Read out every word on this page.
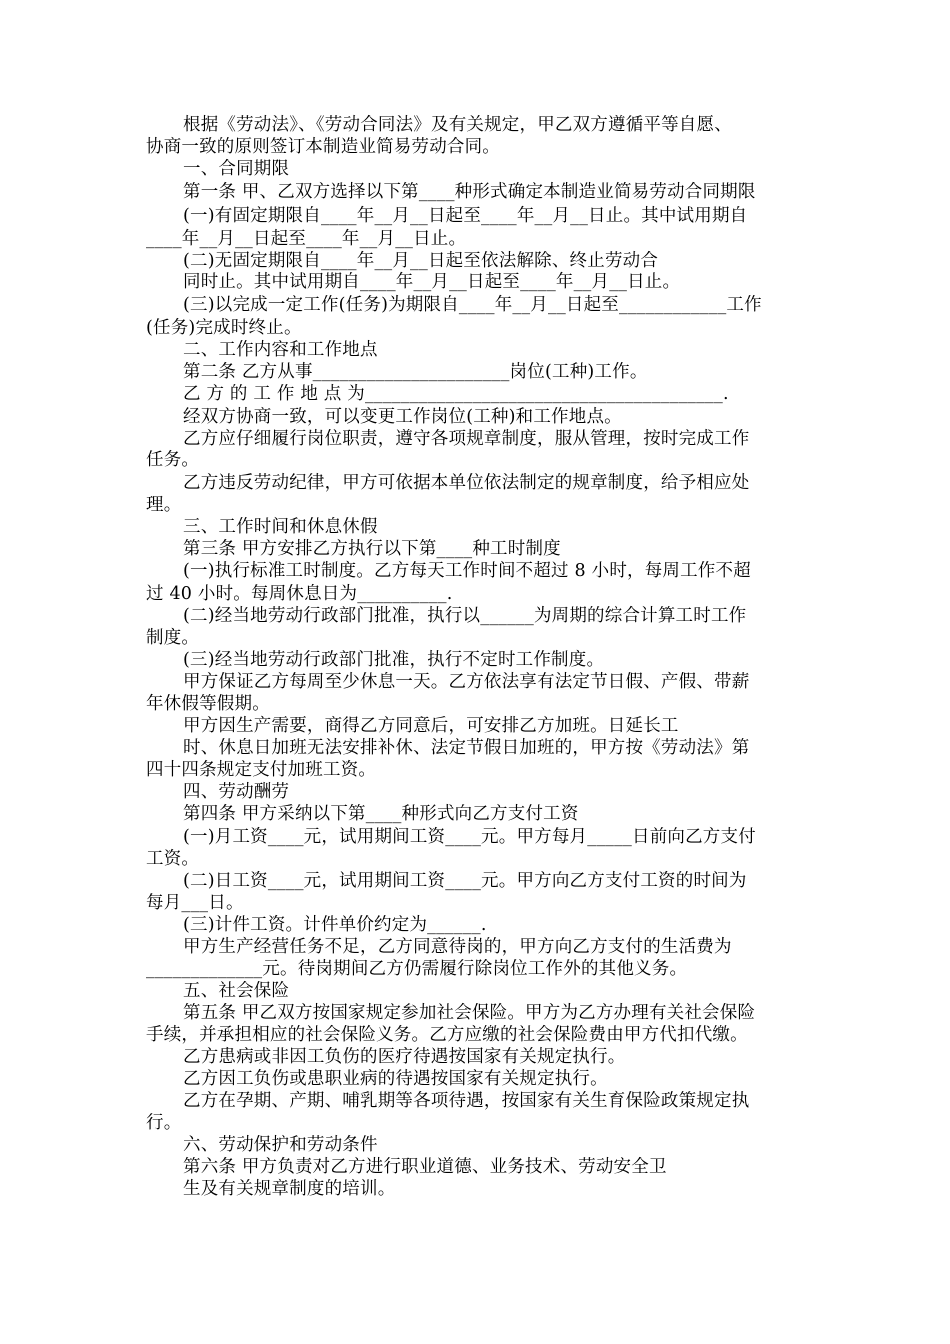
根据《劳动法》、《劳动合同法》及有关规定，甲乙双方遵循平等自愿、
协商一致的原则签订本制造业简易劳动合同。
一、合同期限
第一条 甲、乙双方选择以下第____种形式确定本制造业简易劳动合同期限
(一)有固定期限自____年__月__日起至____年__月__日止。其中试用期自
____年__月__日起至____年__月__日止。
(二)无固定期限自____年__月__日起至依法解除、终止劳动合
同时止。其中试用期自____年__月__日起至____年__月__日止。
(三)以完成一定工作(任务)为期限自____年__月__日起至____________工作
(任务)完成时终止。
二、工作内容和工作地点
第二条 乙方从事______________________岗位(工种)工作。
乙 方 的 工 作 地 点 为________________________________________.
经双方协商一致，可以变更工作岗位(工种)和工作地点。
乙方应仔细履行岗位职责，遵守各项规章制度，服从管理，按时完成工作
任务。
乙方违反劳动纪律，甲方可依据本单位依法制定的规章制度，给予相应处
理。
三、工作时间和休息休假
第三条 甲方安排乙方执行以下第____种工时制度
(一)执行标准工时制度。乙方每天工作时间不超过 8 小时，每周工作不超
过 40 小时。每周休息日为__________.
(二)经当地劳动行政部门批准，执行以______为周期的综合计算工时工作
制度。
(三)经当地劳动行政部门批准，执行不定时工作制度。
甲方保证乙方每周至少休息一天。乙方依法享有法定节日假、产假、带薪
年休假等假期。
甲方因生产需要，商得乙方同意后，可安排乙方加班。日延长工
时、休息日加班无法安排补休、法定节假日加班的，甲方按《劳动法》第
四十四条规定支付加班工资。
四、劳动酬劳
第四条 甲方采纳以下第____种形式向乙方支付工资
(一)月工资____元，试用期间工资____元。甲方每月_____日前向乙方支付
工资。
(二)日工资____元，试用期间工资____元。甲方向乙方支付工资的时间为
每月___日。
(三)计件工资。计件单价约定为______.
甲方生产经营任务不足，乙方同意待岗的，甲方向乙方支付的生活费为
_____________元。待岗期间乙方仍需履行除岗位工作外的其他义务。
五、社会保险
第五条 甲乙双方按国家规定参加社会保险。甲方为乙方办理有关社会保险
手续，并承担相应的社会保险义务。乙方应缴的社会保险费由甲方代扣代缴。
乙方患病或非因工负伤的医疗待遇按国家有关规定执行。
乙方因工负伤或患职业病的待遇按国家有关规定执行。
乙方在孕期、产期、哺乳期等各项待遇，按国家有关生育保险政策规定执
行。
六、劳动保护和劳动条件
第六条 甲方负责对乙方进行职业道德、业务技术、劳动安全卫
生及有关规章制度的培训。
